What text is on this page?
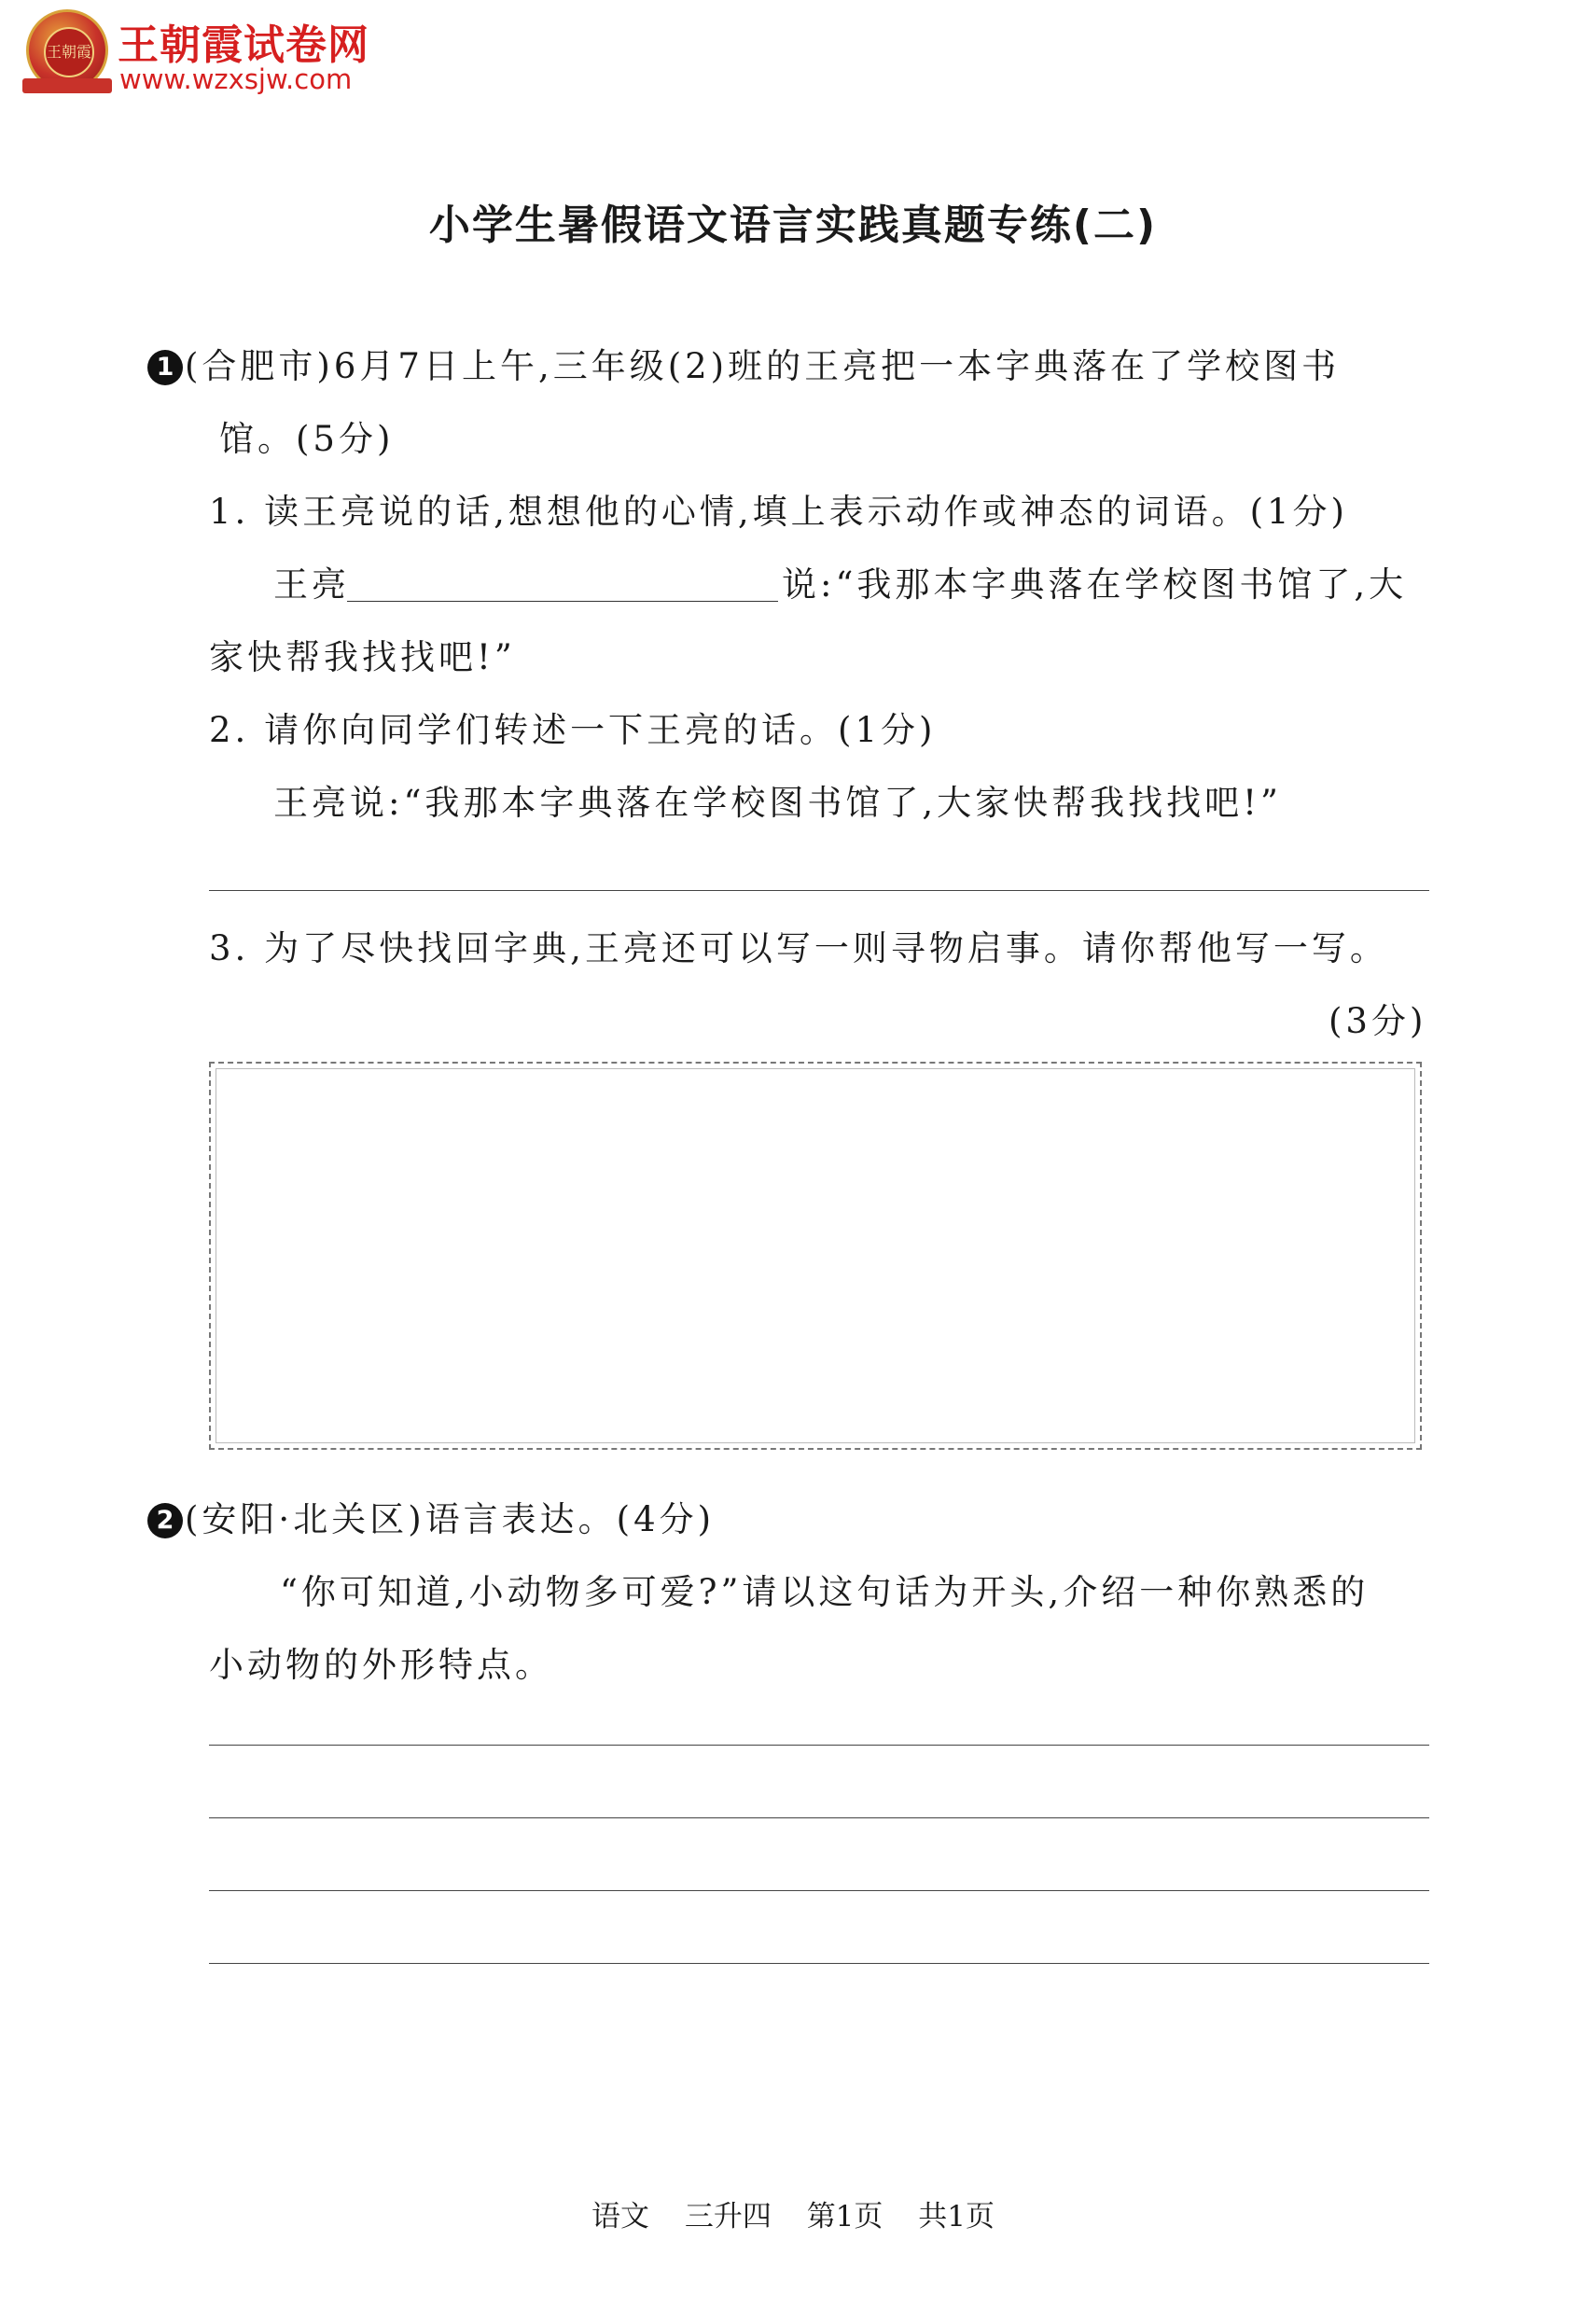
王朝霞 王朝霞试卷网
www.wzxsjw.com
小学生暑假语文语言实践真题专练(二)
1 (合肥市)6月7日上午,三年级(2)班的王亮把一本字典落在了学校图书
馆。(5分)
1. 读王亮说的话,想想他的心情,填上表示动作或神态的词语。(1分)
王亮	说:“我那本字典落在学校图书馆了,大
家快帮我找找吧!”
2. 请你向同学们转述一下王亮的话。(1分)
王亮说:“我那本字典落在学校图书馆了,大家快帮我找找吧!”
3. 为了尽快找回字典,王亮还可以写一则寻物启事。请你帮他写一写。
(3分)
2 (安阳·北关区)语言表达。(4分)
“你可知道,小动物多可爱?”请以这句话为开头,介绍一种你熟悉的
小动物的外形特点。
语文 三升四 第1页 共1页
